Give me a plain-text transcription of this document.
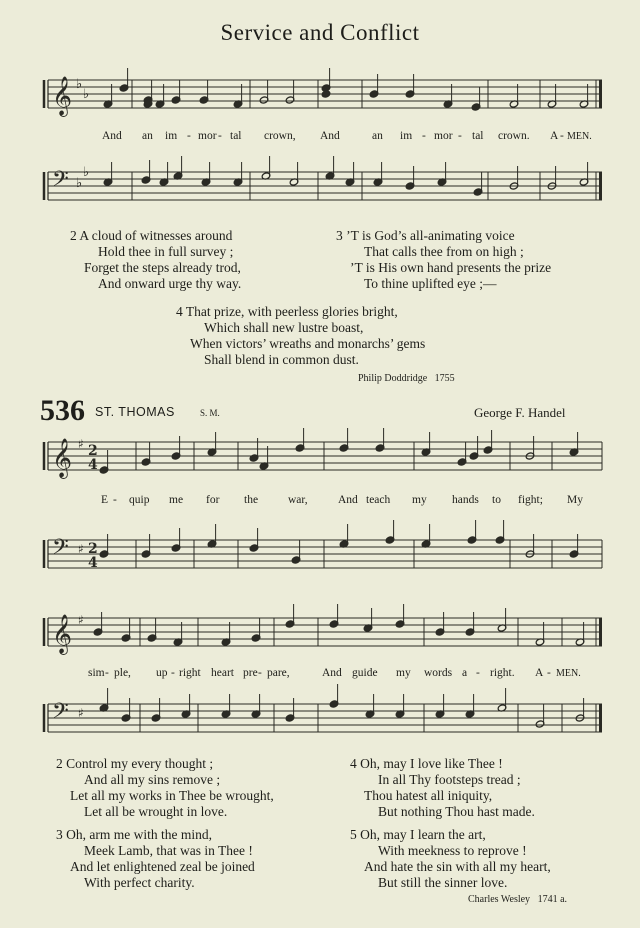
Service and Conflict
𝄞 ♭
♭
And an im - mor - tal crown, And	an im - mor - tal crown. A - MEN.
𝄢 ♭
♭
2 A cloud of witnesses around
Hold thee in full survey ;
Forget the steps already trod,
And onward urge thy way.
3 ’T is God’s all-animating voice
That calls thee from on high ;
’T is His own hand presents the prize
To thine uplifted eye ;—
4 That prize, with peerless glories bright,
Which shall new lustre boast,
When victors’ wreaths and monarchs’ gems
Shall blend in common dust.
Philip Doddridge 1755
536 ST. THOMAS	S. M.	George F. Handel
𝄞 ♯ 2
4
E - quip me for the	war,	And teach my hands to fight; My
𝄢 ♯ 2
4
𝄞 ♯
sim - ple, up - right heart pre - pare,	And guide my words a - right. A - MEN.
𝄢 ♯
2 Control my every thought ;
And all my sins remove ;
Let all my works in Thee be wrought,
Let all be wrought in love.
4 Oh, may I love like Thee !
In all Thy footsteps tread ;
Thou hatest all iniquity,
But nothing Thou hast made.
3 Oh, arm me with the mind,
Meek Lamb, that was in Thee !
And let enlightened zeal be joined
With perfect charity.
5 Oh, may I learn the art,
With meekness to reprove !
And hate the sin with all my heart,
But still the sinner love.
Charles Wesley 1741 a.
